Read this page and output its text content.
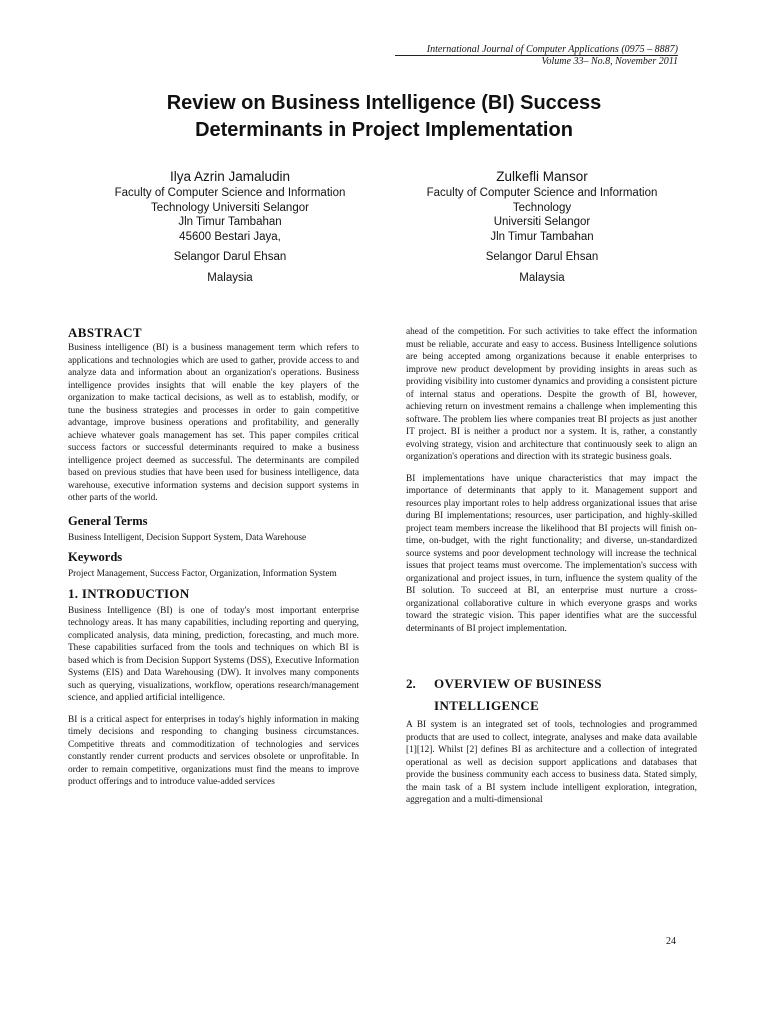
International Journal of Computer Applications (0975 – 8887)
Volume 33– No.8, November 2011
Review on Business Intelligence (BI) Success
Determinants in Project Implementation
Ilya Azrin Jamaludin
Faculty of Computer Science and Information
Technology Universiti Selangor
Jln Timur Tambahan
45600 Bestari Jaya,
Selangor Darul Ehsan
Malaysia
Zulkefli Mansor
Faculty of Computer Science and Information
Technology
Universiti Selangor
Jln Timur Tambahan
Selangor Darul Ehsan
Malaysia
ABSTRACT

Business intelligence (BI) is a business management term which refers to applications and technologies which are used to gather, provide access to and analyze data and information about an organization's operations. Business intelligence provides insights that will enable the key players of the organization to make tactical decisions, as well as to establish, modify, or tune the business strategies and processes in order to gain competitive advantage, improve business operations and profitability, and generally achieve whatever goals management has set. This paper compiles critical success factors or successful determinants required to make a business intelligence project deemed as successful. The determinants are compiled based on previous studies that have been used for business intelligence, data warehouse, executive information systems and decision support systems in other parts of the world.

General Terms

Business Intelligent, Decision Support System, Data Warehouse

Keywords

Project Management, Success Factor, Organization, Information System

1. INTRODUCTION

Business Intelligence (BI) is one of today's most important enterprise technology areas. It has many capabilities, including reporting and querying, complicated analysis, data mining, prediction, forecasting, and much more. These capabilities surfaced from the tools and techniques on which BI is based which is from Decision Support Systems (DSS), Executive Information Systems (EIS) and Data Warehousing (DW). It involves many components such as querying, visualizations, workflow, operations research/management science, and applied artificial intelligence.

BI is a critical aspect for enterprises in today's highly information in making timely decisions and responding to changing business circumstances. Competitive threats and commoditization of technologies and services constantly render current products and services obsolete or unprofitable. In order to remain competitive, organizations must find the means to improve product offerings and to introduce value-added services

ahead of the competition. For such activities to take effect the information must be reliable, accurate and easy to access. Business Intelligence solutions are being accepted among organizations because it enable enterprises to improve new product development by providing insights in areas such as providing visibility into customer dynamics and providing a consistent picture of internal status and operations. Despite the growth of BI, however, achieving return on investment remains a challenge when implementing this software. The problem lies where companies treat BI projects as just another IT project. BI is neither a product nor a system. It is, rather, a constantly evolving strategy, vision and architecture that continuously seek to align an organization's operations and direction with its strategic business goals.

BI implementations have unique characteristics that may impact the importance of determinants that apply to it. Management support and resources play important roles to help address organizational issues that arise during BI implementations; resources, user participation, and highly-skilled project team members increase the likelihood that BI projects will finish on-time, on-budget, with the right functionality; and diverse, un-standardized source systems and poor development technology will increase the technical issues that project teams must overcome. The implementation's success with organizational and project issues, in turn, influence the system quality of the BI solution. To succeed at BI, an enterprise must nurture a cross-organizational collaborative culture in which everyone grasps and works toward the strategic vision. This paper identifies what are the successful determinants of BI project implementation.

2.	OVERVIEW OF BUSINESS
INTELLIGENCE

A BI system is an integrated set of tools, technologies and programmed products that are used to collect, integrate, analyses and make data available [1][12]. Whilst [2] defines BI as architecture and a collection of integrated operational as well as decision support applications and databases that provide the business community each access to business data. Stated simply, the main task of a BI system include intelligent exploration, integration, aggregation and a multi-dimensional

24
